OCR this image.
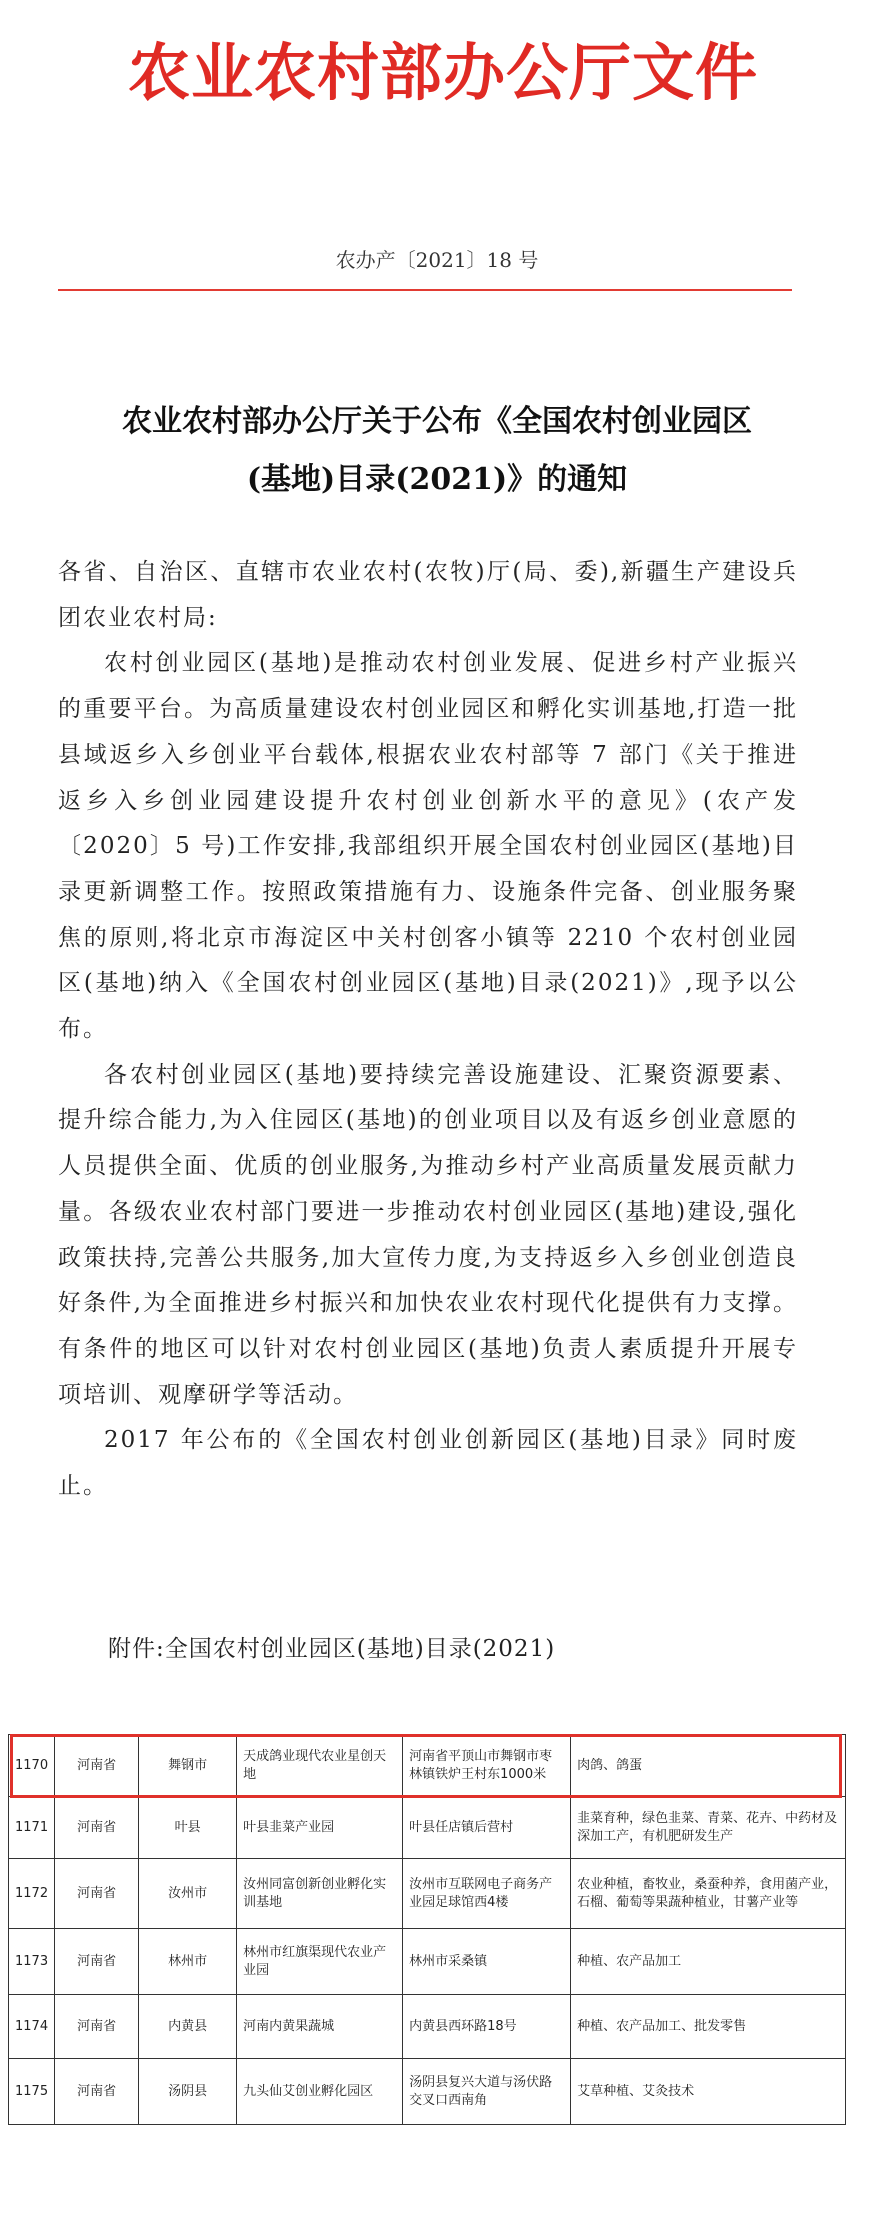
农业农村部办公厅文件
农办产〔2021〕18 号
农业农村部办公厅关于公布《全国农村创业园区
(基地)目录(2021)》的通知

各省、自治区、直辖市农业农村(农牧)厅(局、委),新疆生产建设兵团农业农村局:

农村创业园区(基地)是推动农村创业发展、促进乡村产业振兴的重要平台。为高质量建设农村创业园区和孵化实训基地,打造一批县域返乡入乡创业平台载体,根据农业农村部等 7 部门《关于推进返乡入乡创业园建设提升农村创业创新水平的意见》(农产发〔2020〕5 号)工作安排,我部组织开展全国农村创业园区(基地)目录更新调整工作。按照政策措施有力、设施条件完备、创业服务聚焦的原则,将北京市海淀区中关村创客小镇等 2210 个农村创业园区(基地)纳入《全国农村创业园区(基地)目录(2021)》,现予以公布。

各农村创业园区(基地)要持续完善设施建设、汇聚资源要素、提升综合能力,为入住园区(基地)的创业项目以及有返乡创业意愿的人员提供全面、优质的创业服务,为推动乡村产业高质量发展贡献力量。各级农业农村部门要进一步推动农村创业园区(基地)建设,强化政策扶持,完善公共服务,加大宣传力度,为支持返乡入乡创业创造良好条件,为全面推进乡村振兴和加快农业农村现代化提供有力支撑。有条件的地区可以针对农村创业园区(基地)负责人素质提升开展专项培训、观摩研学等活动。

2017 年公布的《全国农村创业创新园区(基地)目录》同时废止。

附件:全国农村创业园区(基地)目录(2021)
1170	河南省	舞钢市	天成鸽业现代农业星创天地	河南省平顶山市舞钢市枣林镇铁炉王村东1000米	肉鸽、鸽蛋
1171	河南省	叶县	叶县韭菜产业园	叶县任店镇后营村	韭菜育种，绿色韭菜、青菜、花卉、中药材及深加工产，有机肥研发生产
1172	河南省	汝州市	汝州同富创新创业孵化实训基地	汝州市互联网电子商务产业园足球馆西4楼	农业种植，畜牧业，桑蚕种养，食用菌产业，石榴、葡萄等果蔬种植业，甘薯产业等
1173	河南省	林州市	林州市红旗渠现代农业产业园	林州市采桑镇	种植、农产品加工
1174	河南省	内黄县	河南内黄果蔬城	内黄县西环路18号	种植、农产品加工、批发零售
1175	河南省	汤阴县	九头仙艾创业孵化园区	汤阴县复兴大道与汤伏路交叉口西南角	艾草种植、艾灸技术
